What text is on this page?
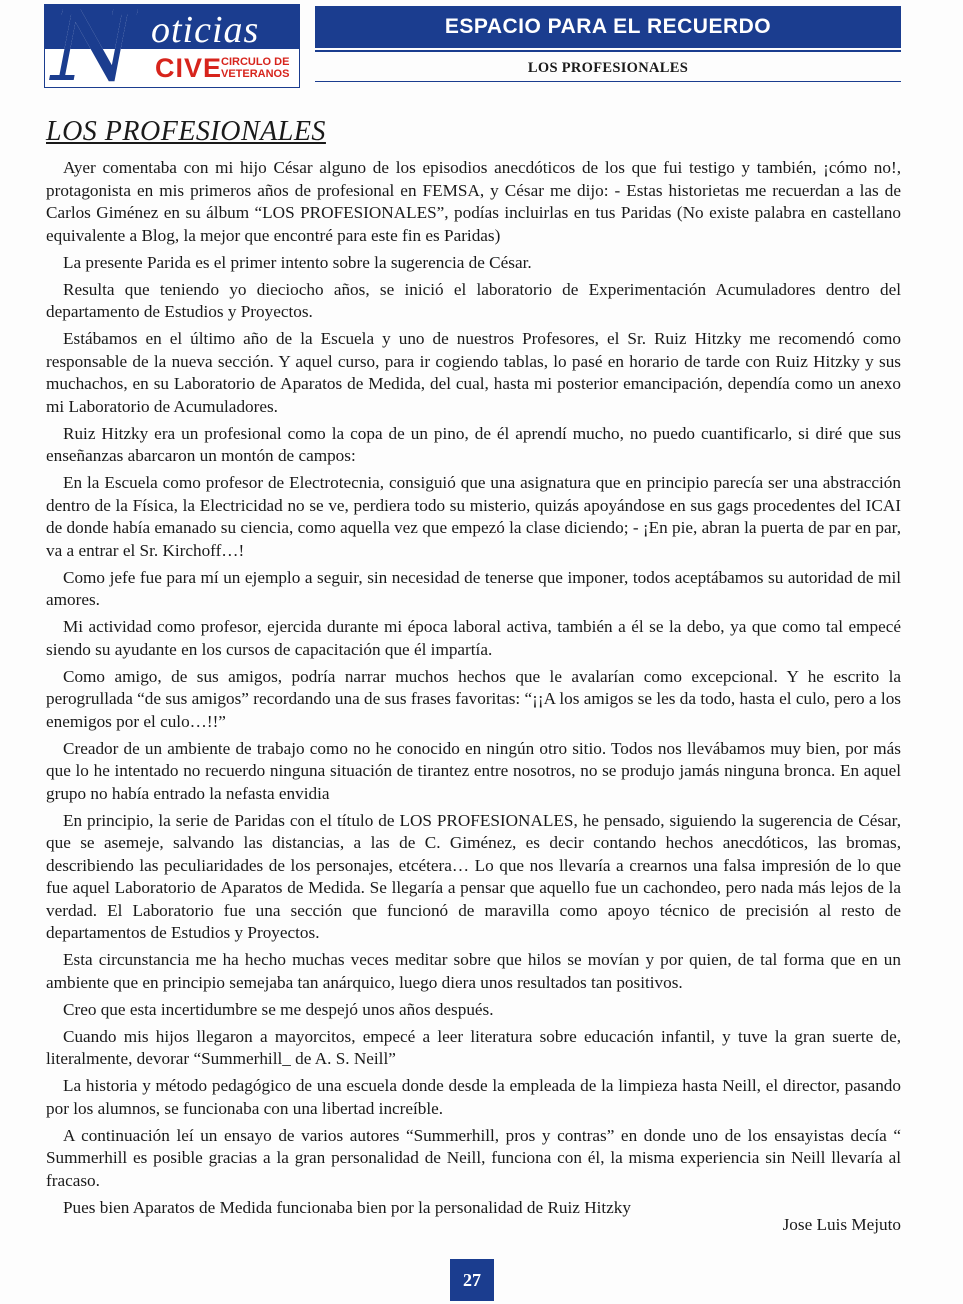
N oticias
CIVE
CIRCULO DE
VETERANOS
ESPACIO PARA EL RECUERDO
LOS PROFESIONALES
LOS PROFESIONALES

Ayer comentaba con mi hijo César alguno de los episodios anecdóticos de los que fui testigo y también, ¡cómo no!, protagonista en mis primeros años de profesional en FEMSA, y César me dijo: - Estas historietas me recuerdan a las de Carlos Giménez en su álbum “LOS PROFESIONALES”, podías incluirlas en tus Paridas (No existe palabra en castellano equivalente a Blog, la mejor que encontré para este fin es Paridas)

La presente Parida es el primer intento sobre la sugerencia de César.

Resulta que teniendo yo dieciocho años, se inició el laboratorio de Experimentación Acumuladores dentro del departamento de Estudios y Proyectos.

Estábamos en el último año de la Escuela y uno de nuestros Profesores, el Sr. Ruiz Hitzky me recomendó como responsable de la nueva sección. Y aquel curso, para ir cogiendo tablas, lo pasé en horario de tarde con Ruiz Hitzky y sus muchachos, en su Laboratorio de Aparatos de Medida, del cual, hasta mi posterior emancipación, dependía como un anexo mi Laboratorio de Acumuladores.

Ruiz Hitzky era un profesional como la copa de un pino, de él aprendí mucho, no puedo cuantificarlo, si diré que sus enseñanzas abarcaron un montón de campos:

En la Escuela como profesor de Electrotecnia, consiguió que una asignatura que en principio parecía ser una abstracción dentro de la Física, la Electricidad no se ve, perdiera todo su misterio, quizás apoyándose en sus gags procedentes del ICAI de donde había emanado su ciencia, como aquella vez que empezó la clase diciendo; - ¡En pie, abran la puerta de par en par, va a entrar el Sr. Kirchoff…!

Como jefe fue para mí un ejemplo a seguir, sin necesidad de tenerse que imponer, todos aceptábamos su autoridad de mil amores.

Mi actividad como profesor, ejercida durante mi época laboral activa, también a él se la debo, ya que como tal empecé siendo su ayudante en los cursos de capacitación que él impartía.

Como amigo, de sus amigos, podría narrar muchos hechos que le avalarían como excepcional. Y he escrito la perogrullada “de sus amigos” recordando una de sus frases favoritas: “¡¡A los amigos se les da todo, hasta el culo, pero a los enemigos por el culo…!!”

Creador de un ambiente de trabajo como no he conocido en ningún otro sitio. Todos nos llevábamos muy bien, por más que lo he intentado no recuerdo ninguna situación de tirantez entre nosotros, no se produjo jamás ninguna bronca. En aquel grupo no había entrado la nefasta envidia

En principio, la serie de Paridas con el título de LOS PROFESIONALES, he pensado, siguiendo la sugerencia de César, que se asemeje, salvando las distancias, a las de C. Giménez, es decir contando hechos anecdóticos, las bromas, describiendo las peculiaridades de los personajes, etcétera… Lo que nos llevaría a crearnos una falsa impresión de lo que fue aquel Laboratorio de Aparatos de Medida. Se llegaría a pensar que aquello fue un cachondeo, pero nada más lejos de la verdad. El Laboratorio fue una sección que funcionó de maravilla como apoyo técnico de precisión al resto de departamentos de Estudios y Proyectos.

Esta circunstancia me ha hecho muchas veces meditar sobre que hilos se movían y por quien, de tal forma que en un ambiente que en principio semejaba tan anárquico, luego diera unos resultados tan positivos.

Creo que esta incertidumbre se me despejó unos años después.

Cuando mis hijos llegaron a mayorcitos, empecé a leer literatura sobre educación infantil, y tuve la gran suerte de, literalmente, devorar “Summerhill_ de A. S. Neill”

La historia y método pedagógico de una escuela donde desde la empleada de la limpieza hasta Neill, el director, pasando por los alumnos, se funcionaba con una libertad increíble.

A continuación leí un ensayo de varios autores “Summerhill, pros y contras” en donde uno de los ensayistas decía “ Summerhill es posible gracias a la gran personalidad de Neill, funciona con él, la misma experiencia sin Neill llevaría al fracaso.

Pues bien Aparatos de Medida funcionaba bien por la personalidad de Ruiz Hitzky

Jose Luis Mejuto
27
